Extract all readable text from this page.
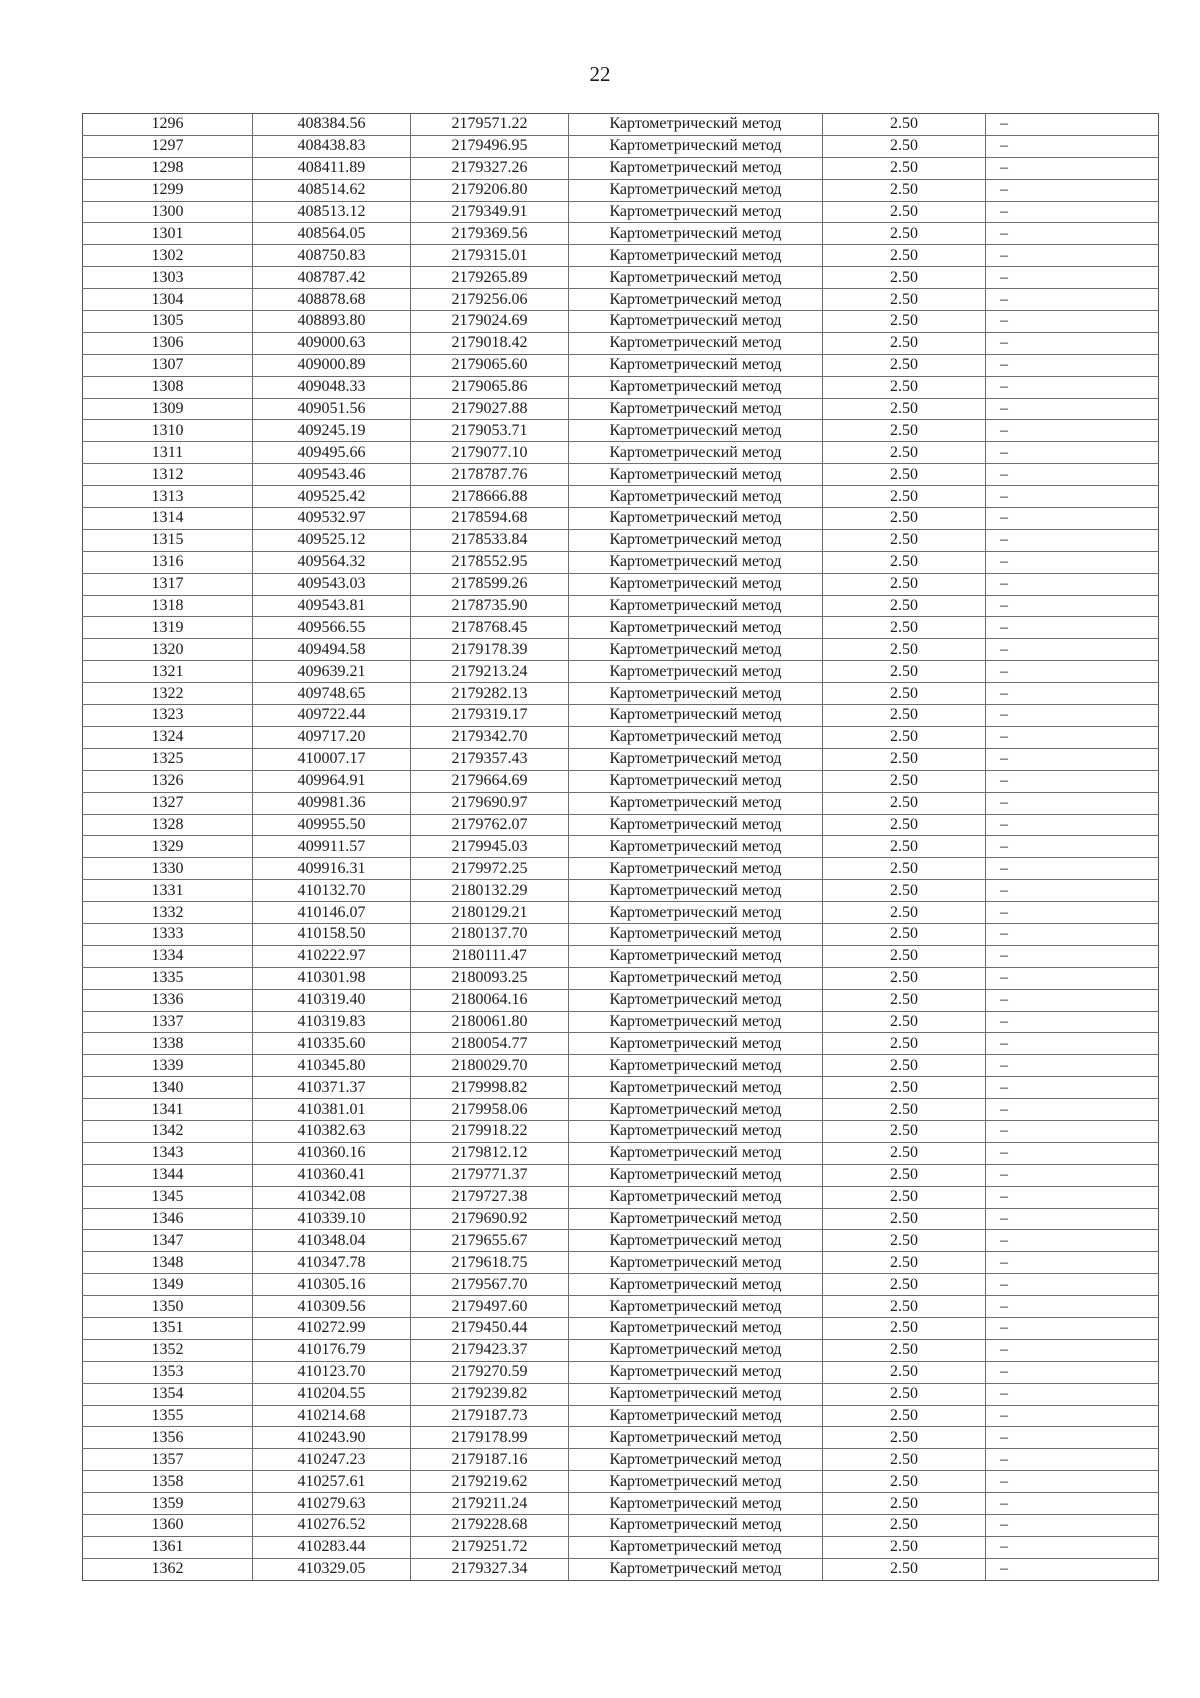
22
1296	408384.56	2179571.22	Картометрический метод	2.50	–
1297	408438.83	2179496.95	Картометрический метод	2.50	–
1298	408411.89	2179327.26	Картометрический метод	2.50	–
1299	408514.62	2179206.80	Картометрический метод	2.50	–
1300	408513.12	2179349.91	Картометрический метод	2.50	–
1301	408564.05	2179369.56	Картометрический метод	2.50	–
1302	408750.83	2179315.01	Картометрический метод	2.50	–
1303	408787.42	2179265.89	Картометрический метод	2.50	–
1304	408878.68	2179256.06	Картометрический метод	2.50	–
1305	408893.80	2179024.69	Картометрический метод	2.50	–
1306	409000.63	2179018.42	Картометрический метод	2.50	–
1307	409000.89	2179065.60	Картометрический метод	2.50	–
1308	409048.33	2179065.86	Картометрический метод	2.50	–
1309	409051.56	2179027.88	Картометрический метод	2.50	–
1310	409245.19	2179053.71	Картометрический метод	2.50	–
1311	409495.66	2179077.10	Картометрический метод	2.50	–
1312	409543.46	2178787.76	Картометрический метод	2.50	–
1313	409525.42	2178666.88	Картометрический метод	2.50	–
1314	409532.97	2178594.68	Картометрический метод	2.50	–
1315	409525.12	2178533.84	Картометрический метод	2.50	–
1316	409564.32	2178552.95	Картометрический метод	2.50	–
1317	409543.03	2178599.26	Картометрический метод	2.50	–
1318	409543.81	2178735.90	Картометрический метод	2.50	–
1319	409566.55	2178768.45	Картометрический метод	2.50	–
1320	409494.58	2179178.39	Картометрический метод	2.50	–
1321	409639.21	2179213.24	Картометрический метод	2.50	–
1322	409748.65	2179282.13	Картометрический метод	2.50	–
1323	409722.44	2179319.17	Картометрический метод	2.50	–
1324	409717.20	2179342.70	Картометрический метод	2.50	–
1325	410007.17	2179357.43	Картометрический метод	2.50	–
1326	409964.91	2179664.69	Картометрический метод	2.50	–
1327	409981.36	2179690.97	Картометрический метод	2.50	–
1328	409955.50	2179762.07	Картометрический метод	2.50	–
1329	409911.57	2179945.03	Картометрический метод	2.50	–
1330	409916.31	2179972.25	Картометрический метод	2.50	–
1331	410132.70	2180132.29	Картометрический метод	2.50	–
1332	410146.07	2180129.21	Картометрический метод	2.50	–
1333	410158.50	2180137.70	Картометрический метод	2.50	–
1334	410222.97	2180111.47	Картометрический метод	2.50	–
1335	410301.98	2180093.25	Картометрический метод	2.50	–
1336	410319.40	2180064.16	Картометрический метод	2.50	–
1337	410319.83	2180061.80	Картометрический метод	2.50	–
1338	410335.60	2180054.77	Картометрический метод	2.50	–
1339	410345.80	2180029.70	Картометрический метод	2.50	–
1340	410371.37	2179998.82	Картометрический метод	2.50	–
1341	410381.01	2179958.06	Картометрический метод	2.50	–
1342	410382.63	2179918.22	Картометрический метод	2.50	–
1343	410360.16	2179812.12	Картометрический метод	2.50	–
1344	410360.41	2179771.37	Картометрический метод	2.50	–
1345	410342.08	2179727.38	Картометрический метод	2.50	–
1346	410339.10	2179690.92	Картометрический метод	2.50	–
1347	410348.04	2179655.67	Картометрический метод	2.50	–
1348	410347.78	2179618.75	Картометрический метод	2.50	–
1349	410305.16	2179567.70	Картометрический метод	2.50	–
1350	410309.56	2179497.60	Картометрический метод	2.50	–
1351	410272.99	2179450.44	Картометрический метод	2.50	–
1352	410176.79	2179423.37	Картометрический метод	2.50	–
1353	410123.70	2179270.59	Картометрический метод	2.50	–
1354	410204.55	2179239.82	Картометрический метод	2.50	–
1355	410214.68	2179187.73	Картометрический метод	2.50	–
1356	410243.90	2179178.99	Картометрический метод	2.50	–
1357	410247.23	2179187.16	Картометрический метод	2.50	–
1358	410257.61	2179219.62	Картометрический метод	2.50	–
1359	410279.63	2179211.24	Картометрический метод	2.50	–
1360	410276.52	2179228.68	Картометрический метод	2.50	–
1361	410283.44	2179251.72	Картометрический метод	2.50	–
1362	410329.05	2179327.34	Картометрический метод	2.50	–
